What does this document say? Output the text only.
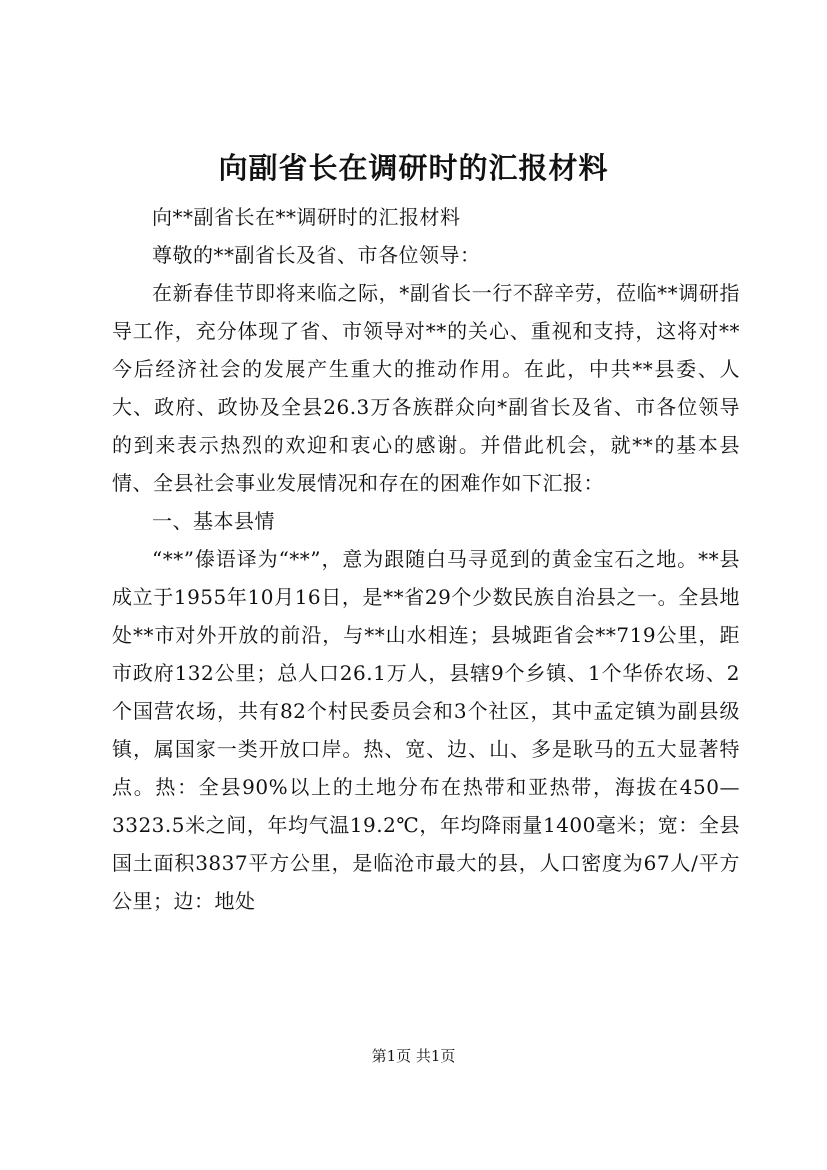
向副省长在调研时的汇报材料

向**副省长在**调研时的汇报材料

尊敬的**副省长及省、市各位领导：

在新春佳节即将来临之际，*副省长一行不辞辛劳，莅临**调研指导工作，充分体现了省、市领导对**的关心、重视和支持，这将对**今后经济社会的发展产生重大的推动作用。在此，中共**县委、人大、政府、政协及全县26.3万各族群众向*副省长及省、市各位领导的到来表示热烈的欢迎和衷心的感谢。并借此机会，就**的基本县情、全县社会事业发展情况和存在的困难作如下汇报：

一、基本县情

“**”傣语译为“**”，意为跟随白马寻觅到的黄金宝石之地。**县成立于1955年10月16日，是**省29个少数民族自治县之一。全县地处**市对外开放的前沿，与**山水相连；县城距省会**719公里，距市政府132公里；总人口26.1万人，县辖9个乡镇、1个华侨农场、2个国营农场，共有82个村民委员会和3个社区，其中孟定镇为副县级镇，属国家一类开放口岸。热、宽、边、山、多是耿马的五大显著特点。热：全县90%以上的土地分布在热带和亚热带，海拔在450—3323.5米之间，年均气温19.2℃，年均降雨量1400毫米；宽：全县国土面积3837平方公里，是临沧市最大的县，人口密度为67人/平方公里；边：地处

第1页 共1页
